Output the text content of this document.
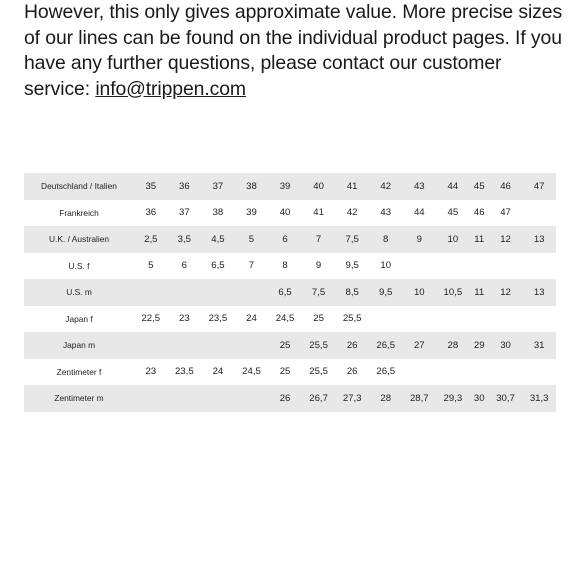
However, this only gives approximate value. More precise sizes of our lines can be found on the individual product pages. If you have any further questions, please contact our customer service: info@trippen.com

Deutschland / Italien	35	36	37	38	39	40	41	42	43	44	45	46	47
Frankreich	36	37	38	39	40	41	42	43	44	45	46	47	
U.K. / Australien	2,5	3,5	4,5	5	6	7	7,5	8	9	10	11	12	13
U.S. f	5	6	6,5	7	8	9	9,5	10					
U.S. m					6,5	7,5	8,5	9,5	10	10,5	11	12	13
Japan f	22,5	23	23,5	24	24,5	25	25,5						
Japan m					25	25,5	26	26,5	27	28	29	30	31
Zentimeter f	23	23,5	24	24,5	25	25,5	26	26,5					
Zentimeter m					26	26,7	27,3	28	28,7	29,3	30	30,7	31,3
